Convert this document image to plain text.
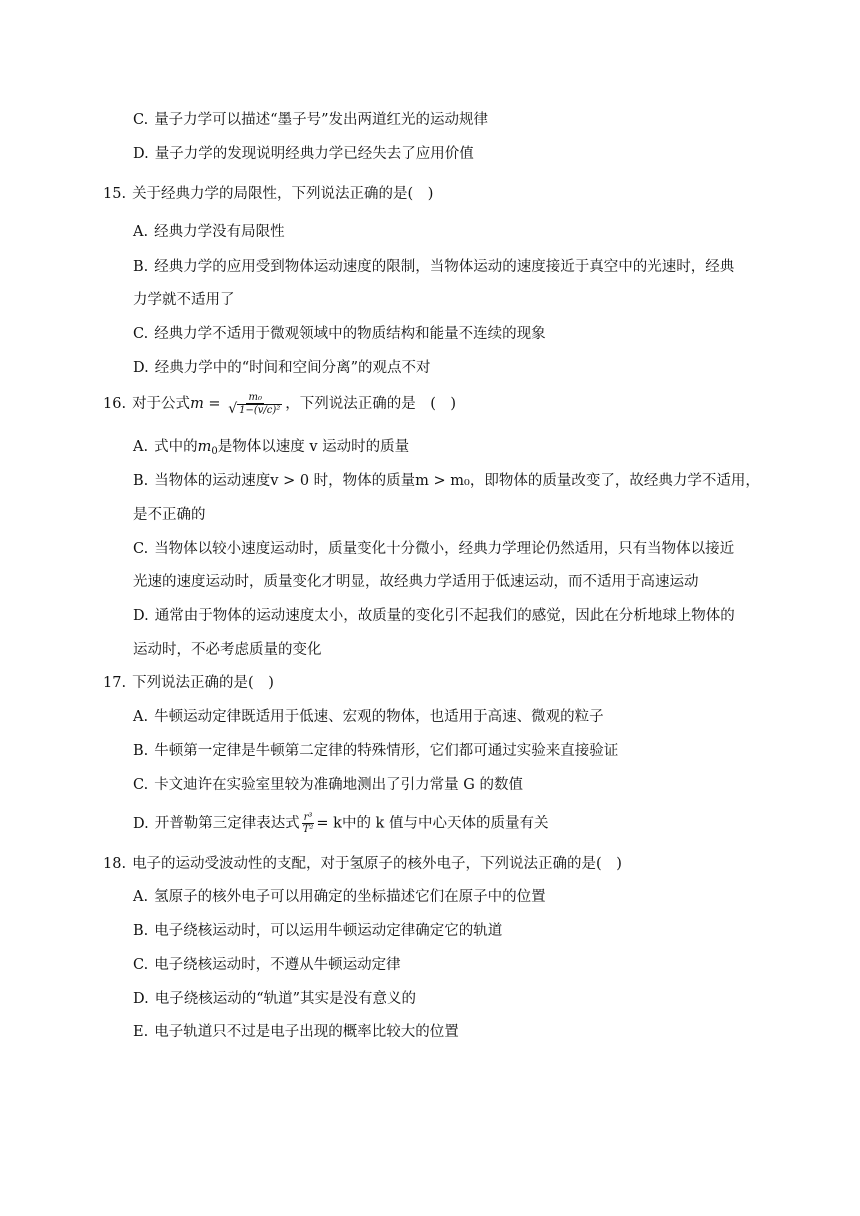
C. 量子力学可以描述“墨子号”发出两道红光的运动规律
D. 量子力学的发现说明经典力学已经失去了应用价值
15. 关于经典力学的局限性，下列说法正确的是(　)
A. 经典力学没有局限性
B. 经典力学的应用受到物体运动速度的限制，当物体运动的速度接近于真空中的光速时，经典
力学就不适用了
C. 经典力学不适用于微观领域中的物质结构和能量不连续的现象
D. 经典力学中的“时间和空间分离”的观点不对
16. 对于公式$m = \frac{\text{m₀}}{\text{√ 1−(v/c)²}}$ ，下列说法正确的是　(　)
A. 式中的$m_0$是物体以速度 v 运动时的质量
B. 当物体的运动速度v > 0 时，物体的质量m > m₀，即物体的质量改变了，故经典力学不适用，
是不正确的
C. 当物体以较小速度运动时，质量变化十分微小，经典力学理论仍然适用，只有当物体以接近
光速的速度运动时，质量变化才明显，故经典力学适用于低速运动，而不适用于高速运动
D. 通常由于物体的运动速度太小，故质量的变化引不起我们的感觉，因此在分析地球上物体的
运动时，不必考虑质量的变化
17. 下列说法正确的是(　)
A. 牛顿运动定律既适用于低速、宏观的物体，也适用于高速、微观的粒子
B. 牛顿第一定律是牛顿第二定律的特殊情形，它们都可通过实验来直接验证
C. 卡文迪许在实验室里较为准确地测出了引力常量 G 的数值
D. 开普勒第三定律表达式 $\frac{\text{r³}}{\text{T²}} = k$中的 k 值与中心天体的质量有关
18. 电子的运动受波动性的支配，对于氢原子的核外电子，下列说法正确的是(　)
A. 氢原子的核外电子可以用确定的坐标描述它们在原子中的位置
B. 电子绕核运动时，可以运用牛顿运动定律确定它的轨道
C. 电子绕核运动时，不遵从牛顿运动定律
D. 电子绕核运动的“轨道”其实是没有意义的
E. 电子轨道只不过是电子出现的概率比较大的位置
